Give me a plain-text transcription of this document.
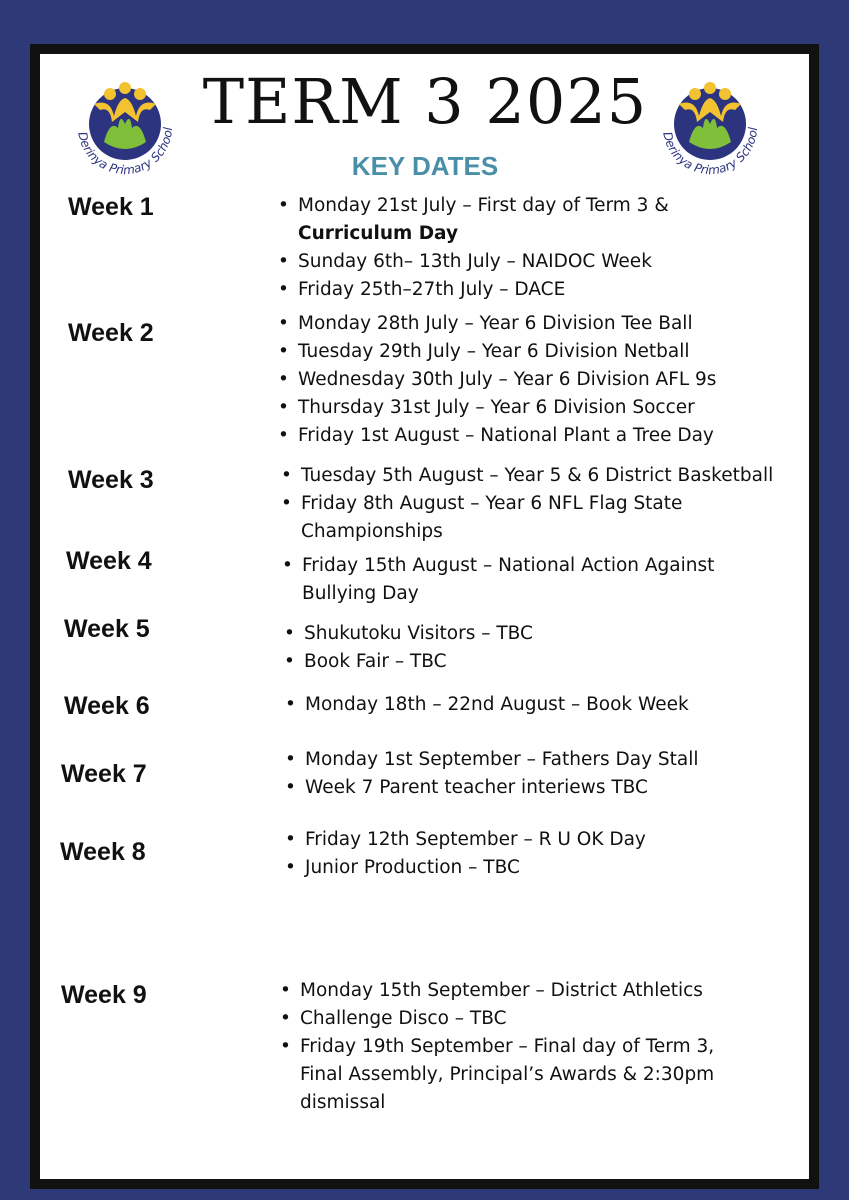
Derinya Primary School
Derinya Primary School
TERM 3 2025
KEY DATES
Week 1	• Monday 21st July – First day of Term 3 & Curriculum Day
• Sunday 6th– 13th July – NAIDOC Week
• Friday 25th–27th July – DACE
Week 2	• Monday 28th July – Year 6 Division Tee Ball
• Tuesday 29th July – Year 6 Division Netball
• Wednesday 30th July – Year 6 Division AFL 9s
• Thursday 31st July – Year 6 Division Soccer
• Friday 1st August – National Plant a Tree Day
Week 3	• Tuesday 5th August – Year 5 & 6 District Basketball
• Friday 8th August – Year 6 NFL Flag State Championships
Week 4	• Friday 15th August – National Action Against Bullying Day
Week 5	• Shukutoku Visitors – TBC
• Book Fair – TBC
Week 6	• Monday 18th – 22nd August – Book Week
Week 7
• Monday 1st September – Fathers Day Stall
• Week 7 Parent teacher interiews TBC
Week 8	• Friday 12th September – R U OK Day
• Junior Production – TBC
Week 9	• Monday 15th September – District Athletics
• Challenge Disco – TBC
• Friday 19th September – Final day of Term 3, Final Assembly, Principal’s Awards & 2:30pm dismissal
